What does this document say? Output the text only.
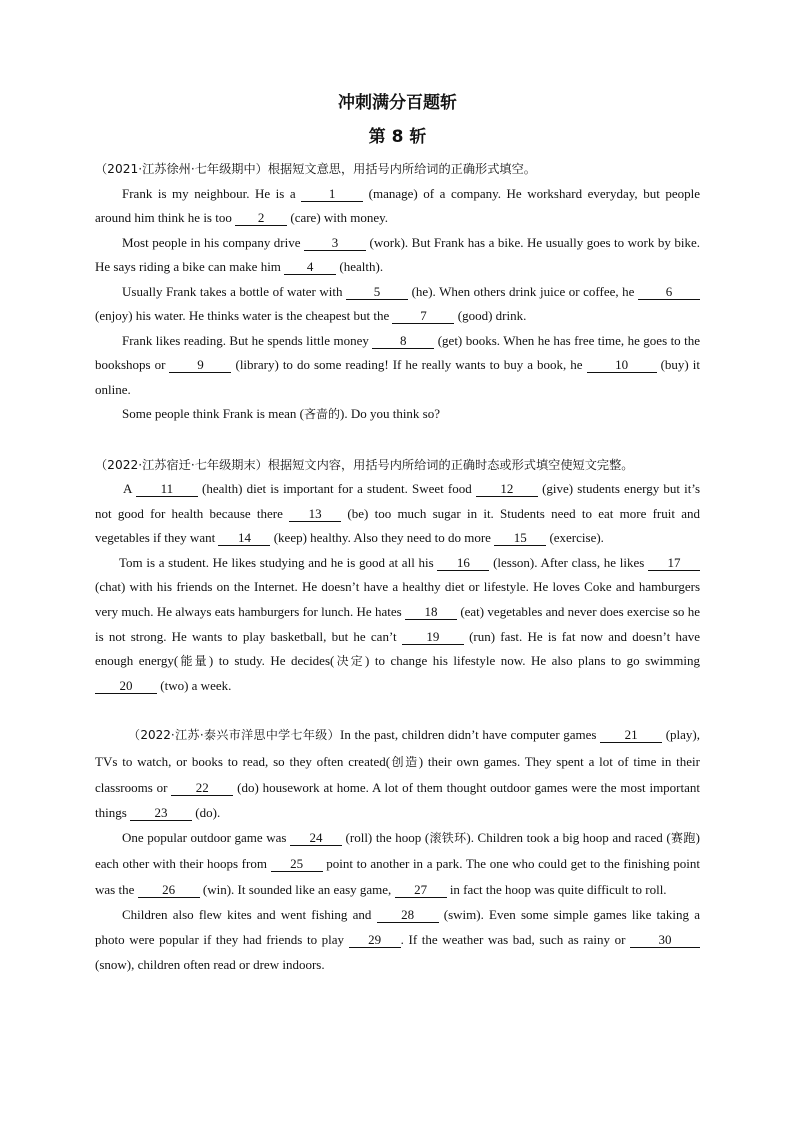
冲刺满分百题斩
第 8 斩
（2021·江苏徐州·七年级期中）根据短文意思，用括号内所给词的正确形式填空。

Frank is my neighbour. He is a 1 (manage) of a company. He workshard everyday, but people around him think he is too 2 (care) with money.

Most people in his company drive 3 (work). But Frank has a bike. He usually goes to work by bike. He says riding a bike can make him 4 (health).

Usually Frank takes a bottle of water with 5 (he). When others drink juice or coffee, he 6 (enjoy) his water. He thinks water is the cheapest but the 7 (good) drink.

Frank likes reading. But he spends little money 8 (get) books. When he has free time, he goes to the bookshops or 9 (library) to do some reading! If he really wants to buy a book, he 10 (buy) it online.

Some people think Frank is mean (吝啬的). Do you think so?

（2022·江苏宿迁·七年级期末）根据短文内容，用括号内所给词的正确时态或形式填空使短文完整。

A 11 (health) diet is important for a student. Sweet food 12 (give) students energy but it’s not good for health because there 13 (be) too much sugar in it. Students need to eat more fruit and vegetables if they want 14 (keep) healthy. Also they need to do more 15 (exercise).

Tom is a student. He likes studying and he is good at all his 16 (lesson). After class, he likes 17 (chat) with his friends on the Internet. He doesn’t have a healthy diet or lifestyle. He loves Coke and hamburgers very much. He always eats hamburgers for lunch. He hates 18 (eat) vegetables and never does exercise so he is not strong. He wants to play basketball, but he can’t 19 (run) fast. He is fat now and doesn’t have enough energy(能量) to study. He decides(决定) to change his lifestyle now. He also plans to go swimming 20 (two) a week.

（2022·江苏·泰兴市洋思中学七年级）In the past, children didn’t have computer games 21 (play), TVs to watch, or books to read, so they often created(创造) their own games. They spent a lot of time in their classrooms or 22 (do) housework at home. A lot of them thought outdoor games were the most important things 23 (do).

One popular outdoor game was 24 (roll) the hoop (滚铁环). Children took a big hoop and raced (赛跑) each other with their hoops from 25 point to another in a park. The one who could get to the finishing point was the 26 (win). It sounded like an easy game, 27 in fact the hoop was quite difficult to roll.

Children also flew kites and went fishing and 28 (swim). Even some simple games like taking a photo were popular if they had friends to play 29 . If the weather was bad, such as rainy or 30 (snow), children often read or drew indoors.
